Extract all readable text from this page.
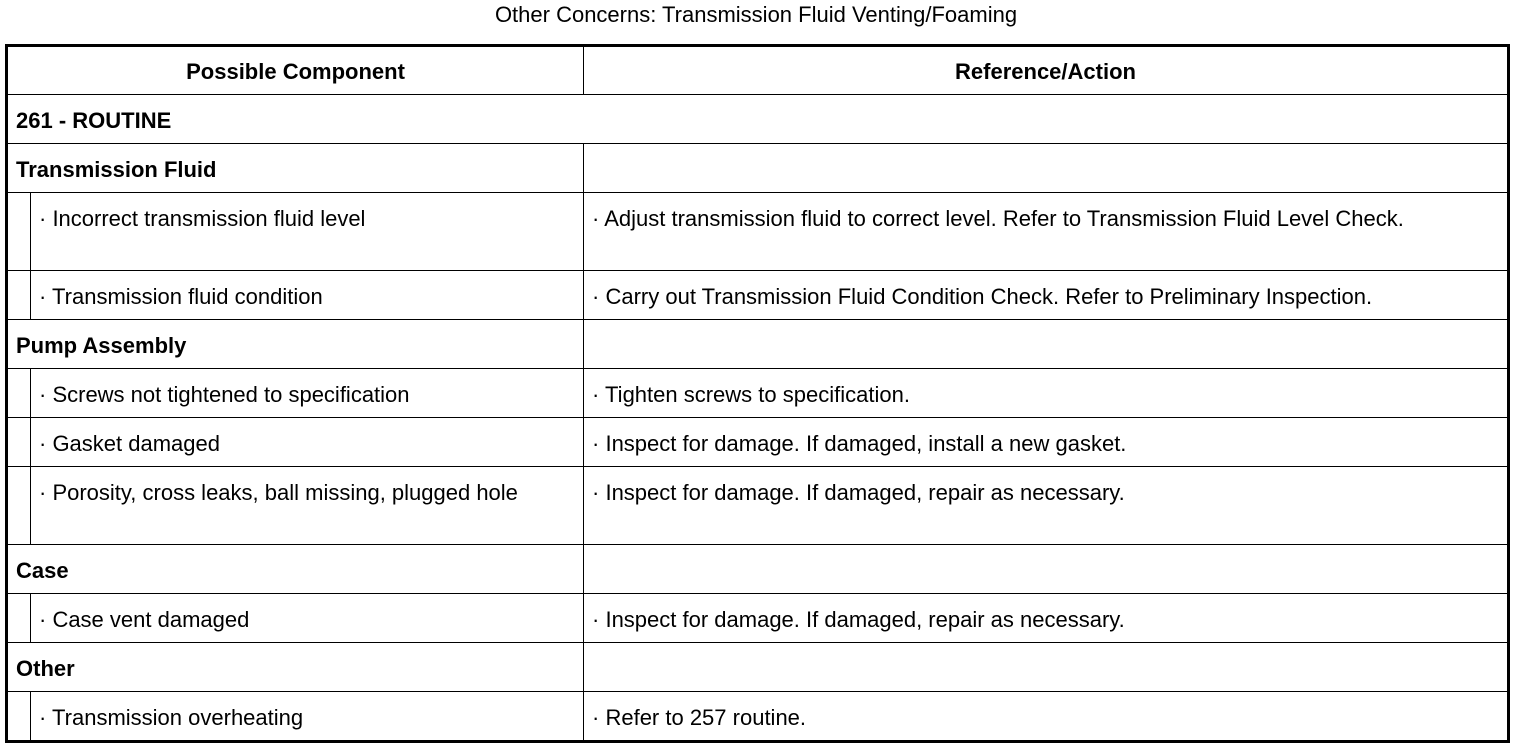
Other Concerns: Transmission Fluid Venting/Foaming
Possible Component		Reference/Action
261 - ROUTINE		
Transmission Fluid		
	· Incorrect transmission fluid level	· Adjust transmission fluid to correct level. Refer to Transmission Fluid Level Check.
	· Transmission fluid condition	· Carry out Transmission Fluid Condition Check. Refer to Preliminary Inspection.
Pump Assembly		
	· Screws not tightened to specification	· Tighten screws to specification.
	· Gasket damaged	· Inspect for damage. If damaged, install a new gasket.
	· Porosity, cross leaks, ball missing, plugged hole	· Inspect for damage. If damaged, repair as necessary.
Case		
	· Case vent damaged	· Inspect for damage. If damaged, repair as necessary.
Other		
	· Transmission overheating	· Refer to 257 routine.
